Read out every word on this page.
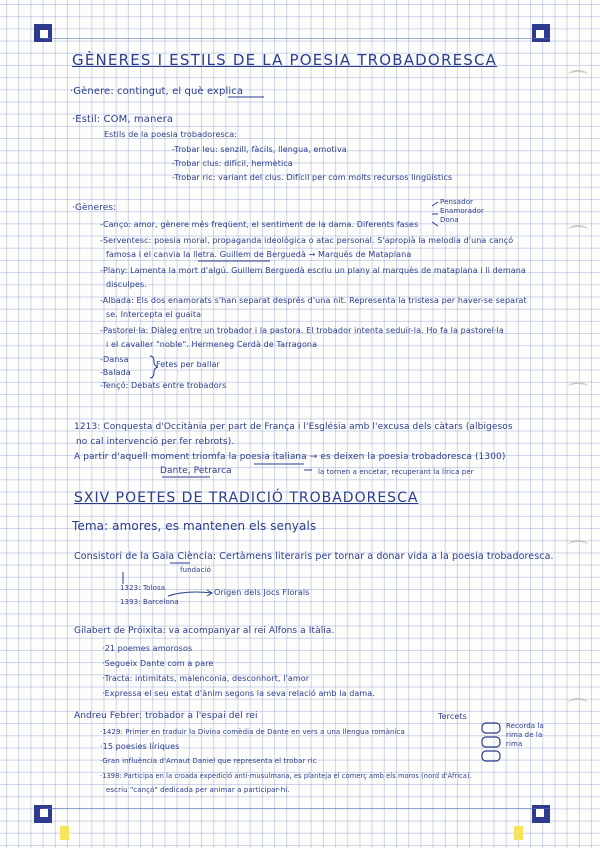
GÈNERES I ESTILS DE LA POESIA TROBADORESCA
·Gènere: contingut, el què explica
·Estil: COM, manera
Estils de la poesia trobadoresca:
-Trobar leu: senzill, fàcils, llengua, emotiva
-Trobar clus: difícil, hermètica
-Trobar ric: variant del clus. Difícil per com molts recursos lingüístics
·Gèneres:
Pensador
Enamorador
Dona
-Canço: amor, gènere més freqüent, el sentiment de la dama. Diferents fases
-Serventesc: poesia moral, propaganda ideològica o atac personal. S'apropià la melodia d'una cançó
famosa i el canvia la lletra. Guillem de Berguedà → Marquès de Mataplana
-Plany: Lamenta la mort d'algú. Guillem Berguedà escriu un plany al marquès de mataplana i li demana
disculpes.
-Albada: Els dos enamorats s'han separat després d'una nit. Representa la tristesa per haver-se separat
se. Intercepta el guaita
-Pastorel·la: Diàleg entre un trobador i la pastora. El trobador intenta seduir-la. Ho fa la pastorel·la
i el cavaller "noble". Hermeneg Cerdà de Tarragona
-Dansa
-Balada
-Tençó: Debats entre trobadors
Fetes per ballar
1213: Conquesta d'Occitània per part de França i l'Església amb l'excusa dels càtars (albigesos
no cal intervenció per fer rebrots).
A partir d'aquell moment triomfa la poesia italiana → es deixen la poesia trobadoresca (1300)
Dante, Petrarca	la tornen a encetar, recuperant la lírica per
SXIV POETES DE TRADICIÓ TROBADORESCA
Tema: amores, es mantenen els senyals
Consistori de la Gaia Ciència: Certàmens literaris per tornar a donar vida a la poesia trobadoresca.
fundació
1323: Tolosa
1393: Barcelona
Origen dels Jocs Florals
Gilabert de Próixita: va acompanyar al rei Alfons a Itàlia.
·21 poemes amorosos
·Segueix Dante com a pare
·Tracta: intimitats, malenconia, desconhort, l'amor
·Expressa el seu estat d'ànim segons la seva relació amb la dama.
Andreu Febrer: trobador a l'espai del rei	Tercets
Recorda la rima de la rima
·1429: Primer en traduir la Divina comèdia de Dante en vers a una llengua romànica
·15 poesies líriques
·Gran influència d'Arnaut Daniel que representa el trobar ric
·1398: Participa en la croada expedició anti-musulmana, es planteja el comerç amb els moros (nord d'Àfrica).
escriu "cançó" dedicada per animar a participar-hi.
